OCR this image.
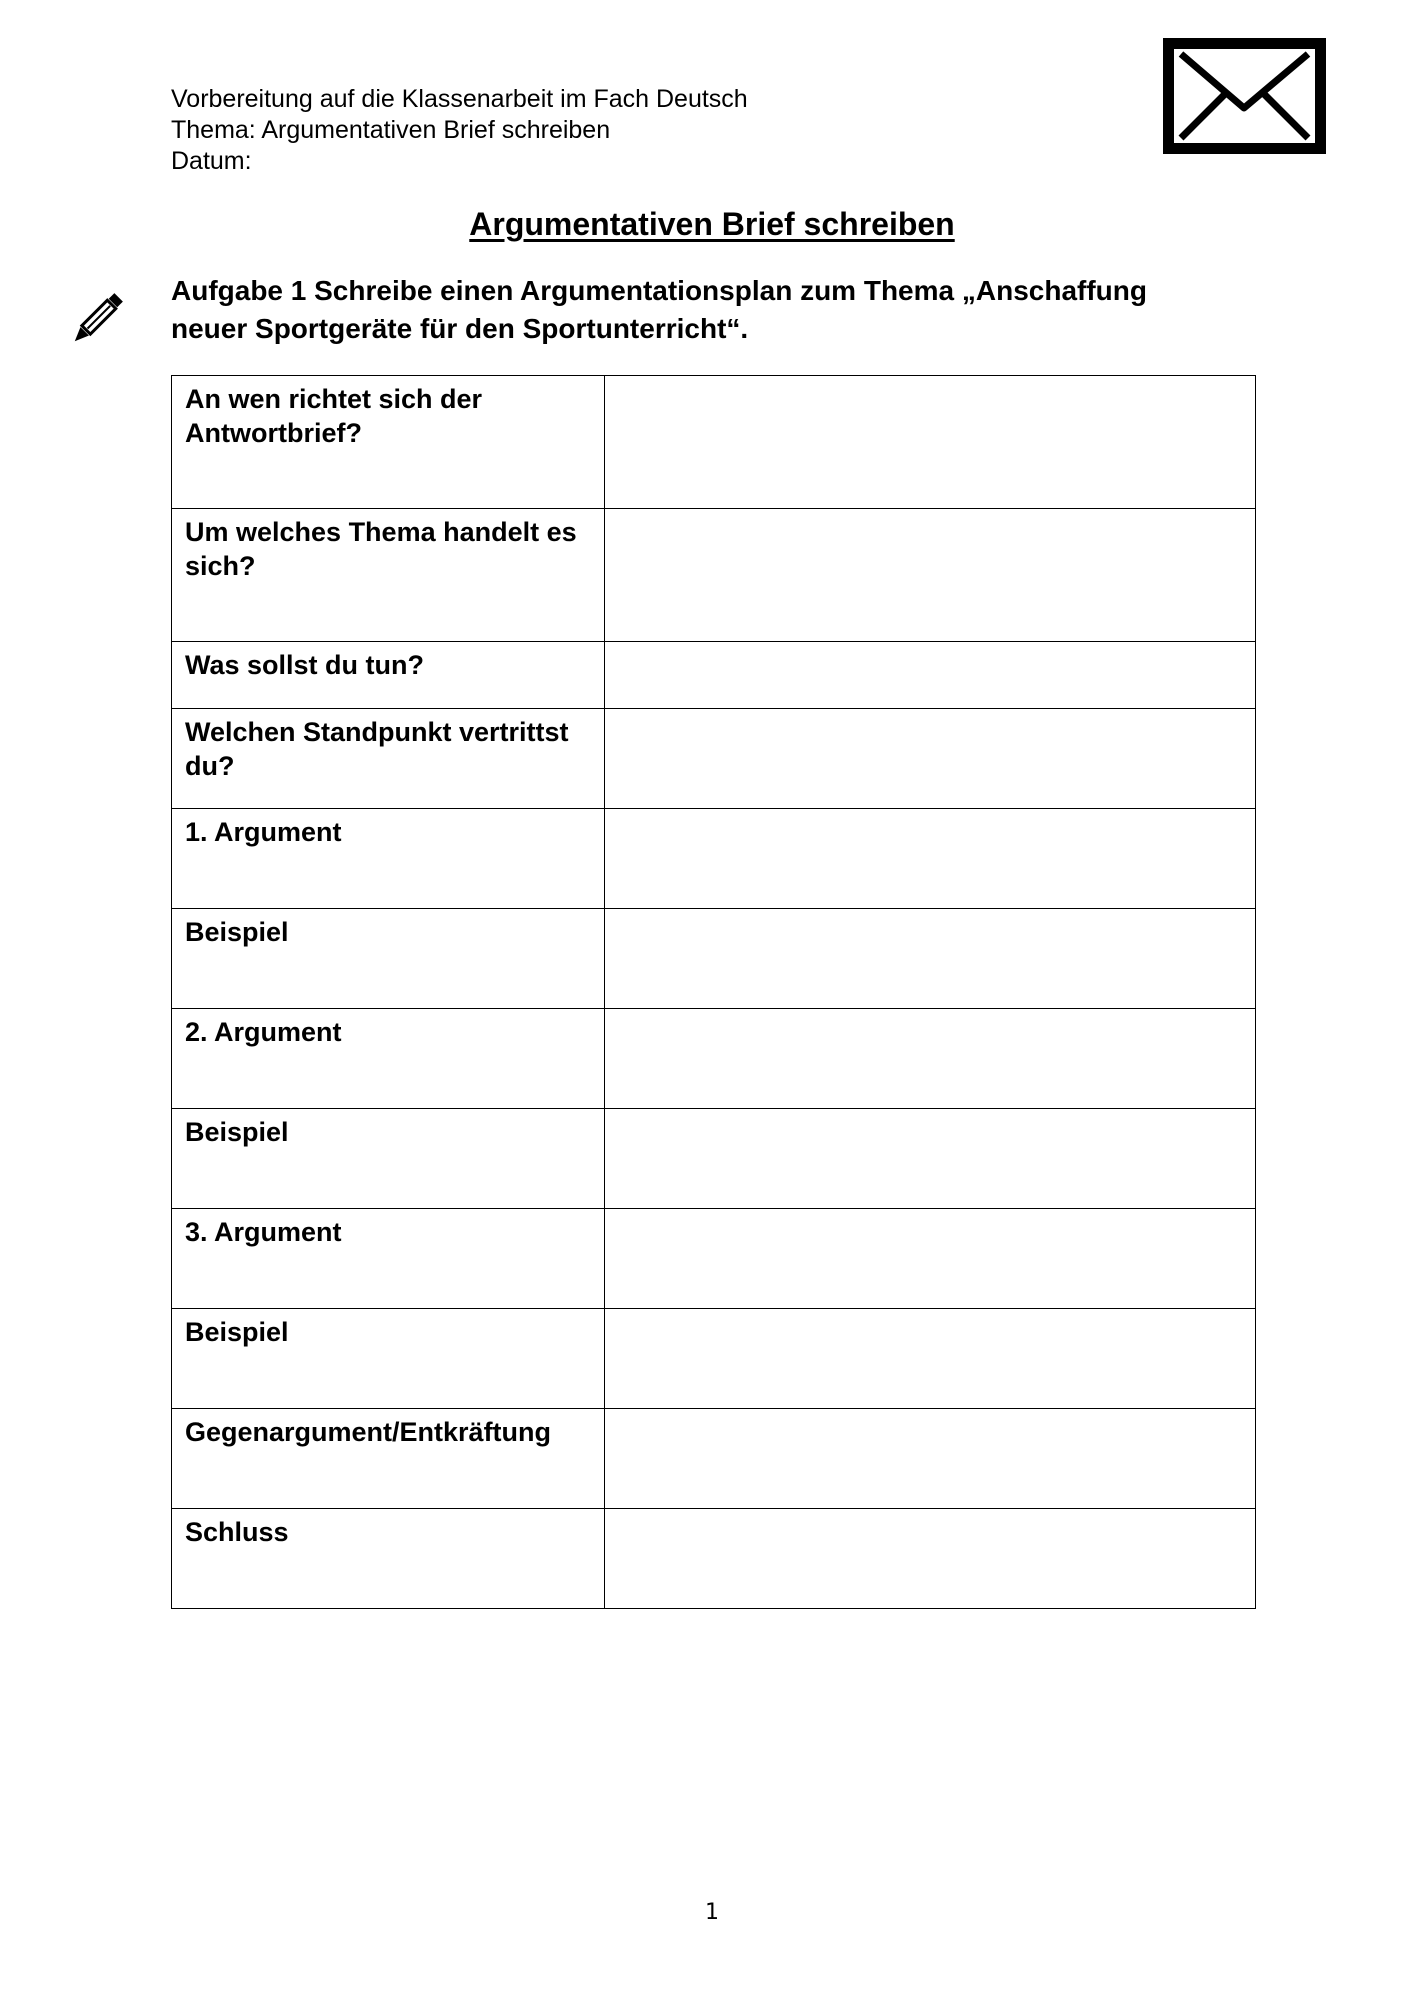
Vorbereitung auf die Klassenarbeit im Fach Deutsch
Thema: Argumentativen Brief schreiben
Datum:
Argumentativen Brief schreiben
Aufgabe 1 Schreibe einen Argumentationsplan zum Thema „Anschaffung
neuer Sportgeräte für den Sportunterricht“.
An wen richtet sich der Antwortbrief?	
Um welches Thema handelt es sich?	
Was sollst du tun?	
Welchen Standpunkt vertrittst du?	
1. Argument	
Beispiel	
2. Argument	
Beispiel	
3. Argument	
Beispiel	
Gegenargument/Entkräftung	
Schluss	
1
